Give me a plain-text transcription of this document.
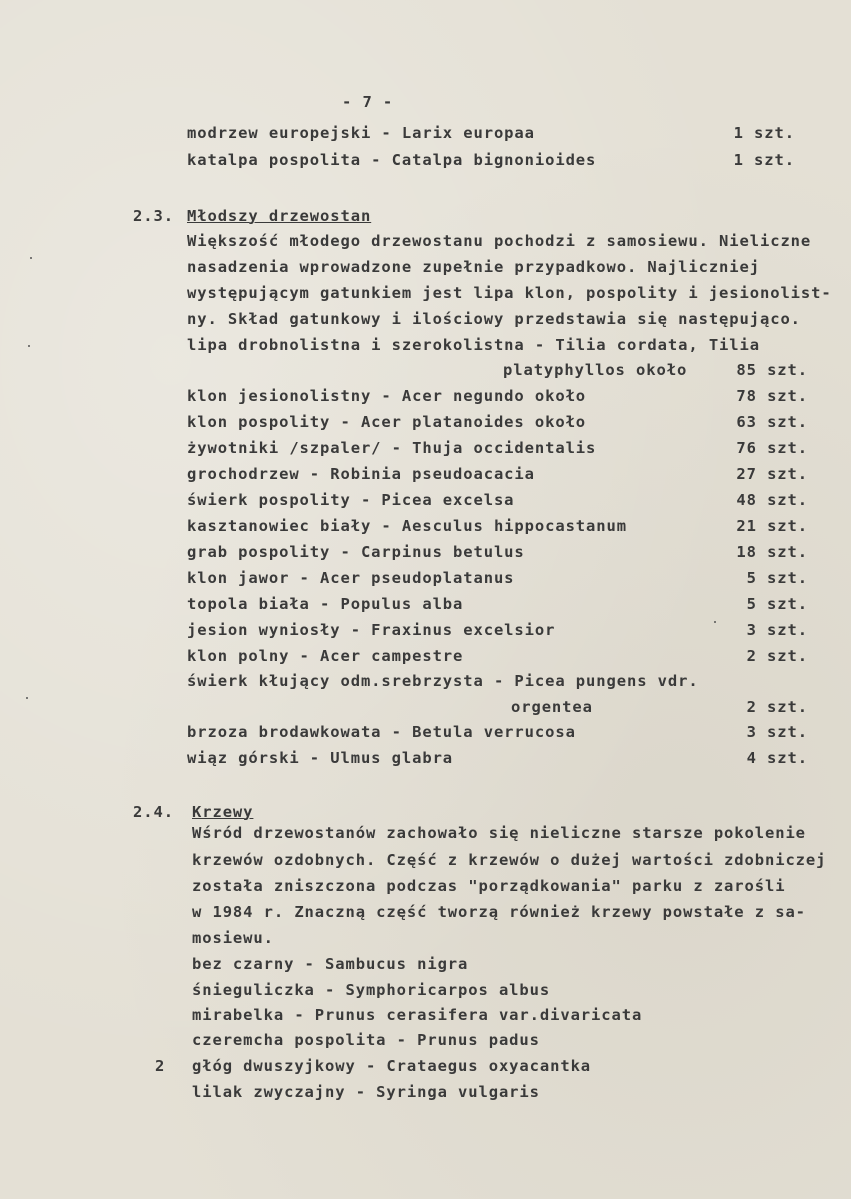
- 7 -
modrzew europejski - Larix europaa	1 szt.
katalpa pospolita - Catalpa bignonioides	1 szt.
2.3. Młodszy drzewostan
Większość młodego drzewostanu pochodzi z samosiewu. Nieliczne
nasadzenia wprowadzone zupełnie przypadkowo. Najliczniej
występującym gatunkiem jest lipa klon, pospolity i jesionolist-
ny. Skład gatunkowy i ilościowy przedstawia się następująco.
lipa drobnolistna i szerokolistna - Tilia cordata, Tilia
platyphyllos około	85 szt.
klon jesionolistny - Acer negundo około	78 szt.
klon pospolity - Acer platanoides około	63 szt.
żywotniki /szpaler/ - Thuja occidentalis	76 szt.
grochodrzew - Robinia pseudoacacia	27 szt.
świerk pospolity - Picea excelsa	48 szt.
kasztanowiec biały - Aesculus hippocastanum	21 szt.
grab pospolity - Carpinus betulus	18 szt.
klon jawor - Acer pseudoplatanus	5 szt.
topola biała - Populus alba	5 szt.
jesion wyniosły - Fraxinus excelsior	3 szt.
klon polny - Acer campestre	2 szt.
świerk kłujący odm.srebrzysta - Picea pungens vdr.
orgentea	2 szt.
brzoza brodawkowata - Betula verrucosa	3 szt.
wiąz górski - Ulmus glabra	4 szt.
2.4. Krzewy
Wśród drzewostanów zachowało się nieliczne starsze pokolenie
krzewów ozdobnych. Część z krzewów o dużej wartości zdobniczej
została zniszczona podczas "porządkowania" parku z zarośli
w 1984 r. Znaczną część tworzą również krzewy powstałe z sa-
mosiewu.
bez czarny - Sambucus nigra
śnieguliczka - Symphoricarpos albus
mirabelka - Prunus cerasifera var.divaricata
czeremcha pospolita - Prunus padus
2 głóg dwuszyjkowy - Crataegus oxyacantka
lilak zwyczajny - Syringa vulgaris
